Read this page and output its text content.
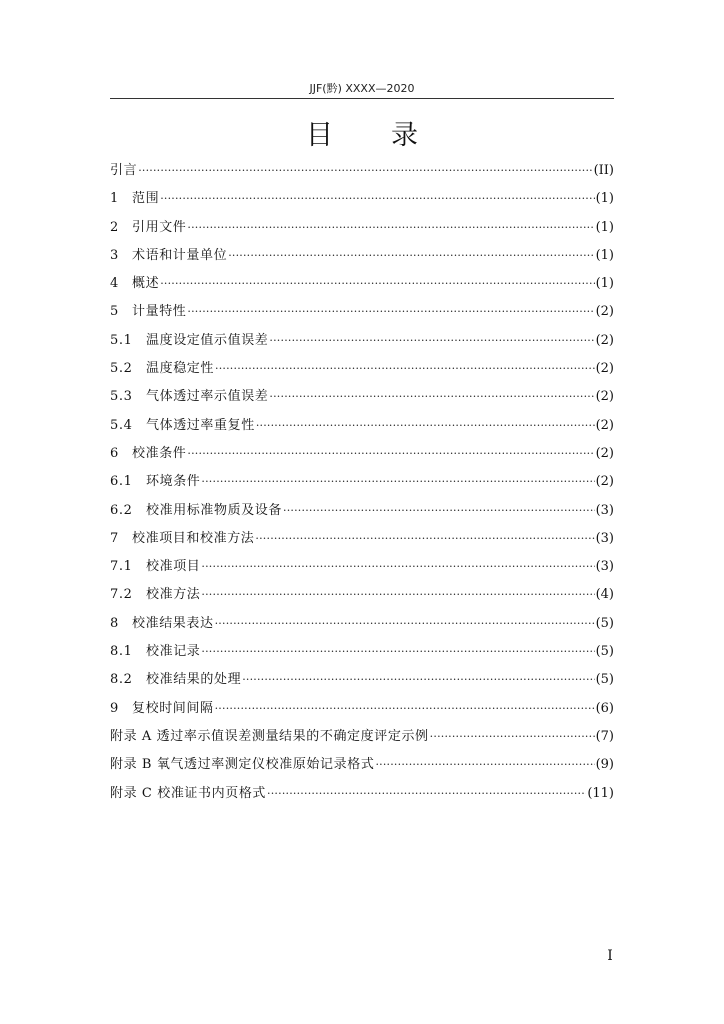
JJF(黔) XXXX—2020
目录
引言 ·····	(II)
1 范围 ·····	(1)
2 引用文件 ·····	(1)
3 术语和计量单位 ·····	(1)
4 概述 ·····	(1)
5 计量特性 ·····	(2)
5.1 温度设定值示值误差 ·····	(2)
5.2 温度稳定性 ·····	(2)
5.3 气体透过率示值误差 ·····	(2)
5.4 气体透过率重复性 ·····	(2)
6 校准条件 ·····	(2)
6.1 环境条件 ·····	(2)
6.2 校准用标准物质及设备 ·····	(3)
7 校准项目和校准方法 ·····	(3)
7.1 校准项目 ·····	(3)
7.2 校准方法 ·····	(4)
8 校准结果表达 ·····	(5)
8.1 校准记录 ·····	(5)
8.2 校准结果的处理 ·····	(5)
9 复校时间间隔 ·····	(6)
附录 A 透过率示值误差测量结果的不确定度评定示例 ·····	(7)
附录 B 氧气透过率测定仪校准原始记录格式 ·····	(9)
附录 C 校准证书内页格式 ·····	(11)
I
